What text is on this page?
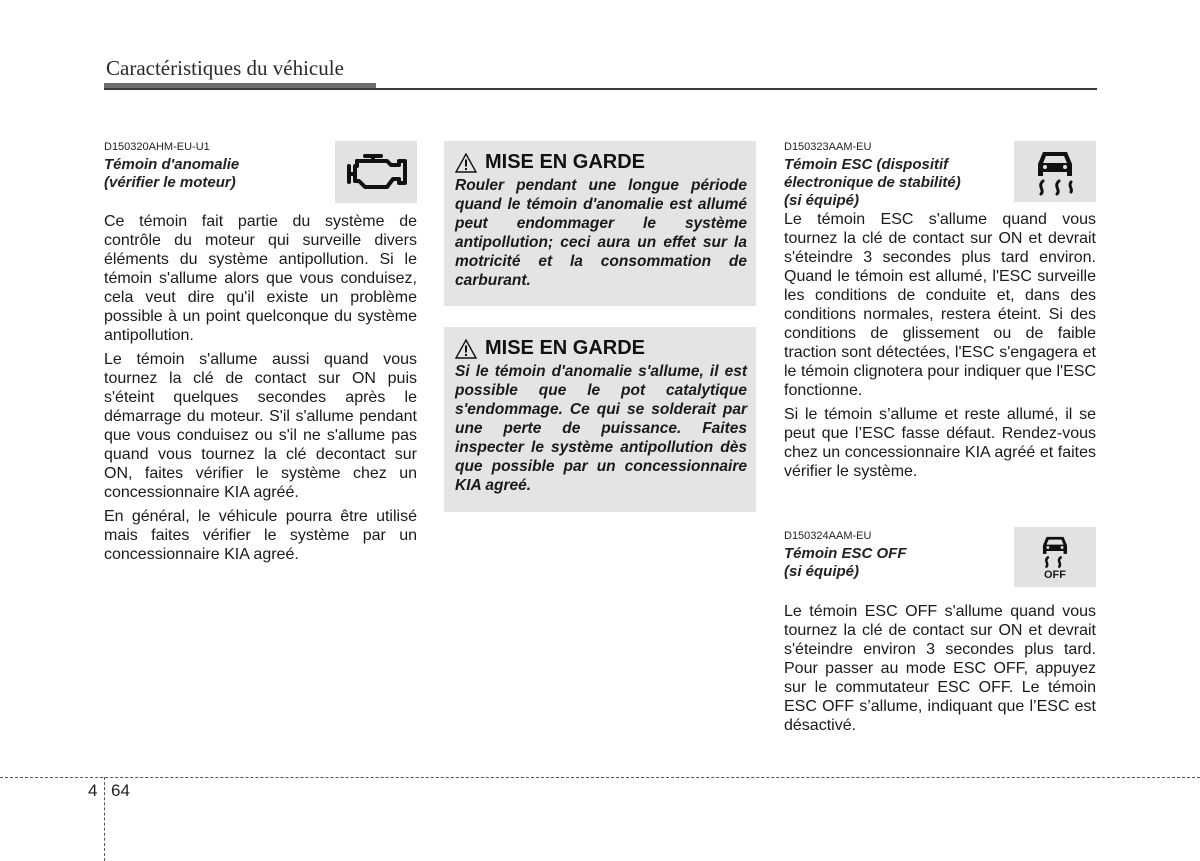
Caractéristiques du véhicule
D150320AHM-EU-U1
Témoin d'anomalie
(vérifier le moteur)

Ce témoin fait partie du système de contrôle du moteur qui surveille divers éléments du système antipollution. Si le témoin s'allume alors que vous conduisez, cela veut dire qu'il existe un problème possible à un point quelconque du système antipollution.

Le témoin s'allume aussi quand vous tournez la clé de contact sur ON puis s'éteint quelques secondes après le démarrage du moteur. S'il s'allume pendant que vous conduisez ou s'il ne s'allume pas quand vous tournez la clé decontact sur ON, faites vérifier le système chez un concessionnaire KIA agréé.

En général, le véhicule pourra être utilisé mais faites vérifier le système par un concessionnaire KIA agreé.

MISE EN GARDE
Rouler pendant une longue période quand le témoin d'anomalie est allumé peut endommager le système antipollution; ceci aura un effet sur la motricité et la consommation de carburant.
MISE EN GARDE
Si le témoin d'anomalie s'allume, il est possible que le pot catalytique s'endommage. Ce qui se solderait par une perte de puissance. Faites inspecter le système antipollution dès que possible par un concessionnaire KIA agreé.
D150323AAM-EU
Témoin ESC (dispositif
électronique de stabilité)
(si équipé)

Le témoin ESC s'allume quand vous tournez la clé de contact sur ON et devrait s'éteindre 3 secondes plus tard environ. Quand le témoin est allumé, l'ESC surveille les conditions de conduite et, dans des conditions normales, restera éteint. Si des conditions de glissement ou de faible traction sont détectées, l'ESC s'engagera et le témoin clignotera pour indiquer que l'ESC fonctionne.

Si le témoin s’allume et reste allumé, il se peut que l’ESC fasse défaut. Rendez-vous chez un concessionnaire KIA agréé et faites vérifier le système.

D150324AAM-EU
Témoin ESC OFF
(si équipé)

Le témoin ESC OFF s'allume quand vous tournez la clé de contact sur ON et devrait s'éteindre environ 3 secondes plus tard. Pour passer au mode ESC OFF, appuyez sur le commutateur ESC OFF. Le témoin ESC OFF s’allume, indiquant que l’ESC est désactivé.

OFF
4 64
